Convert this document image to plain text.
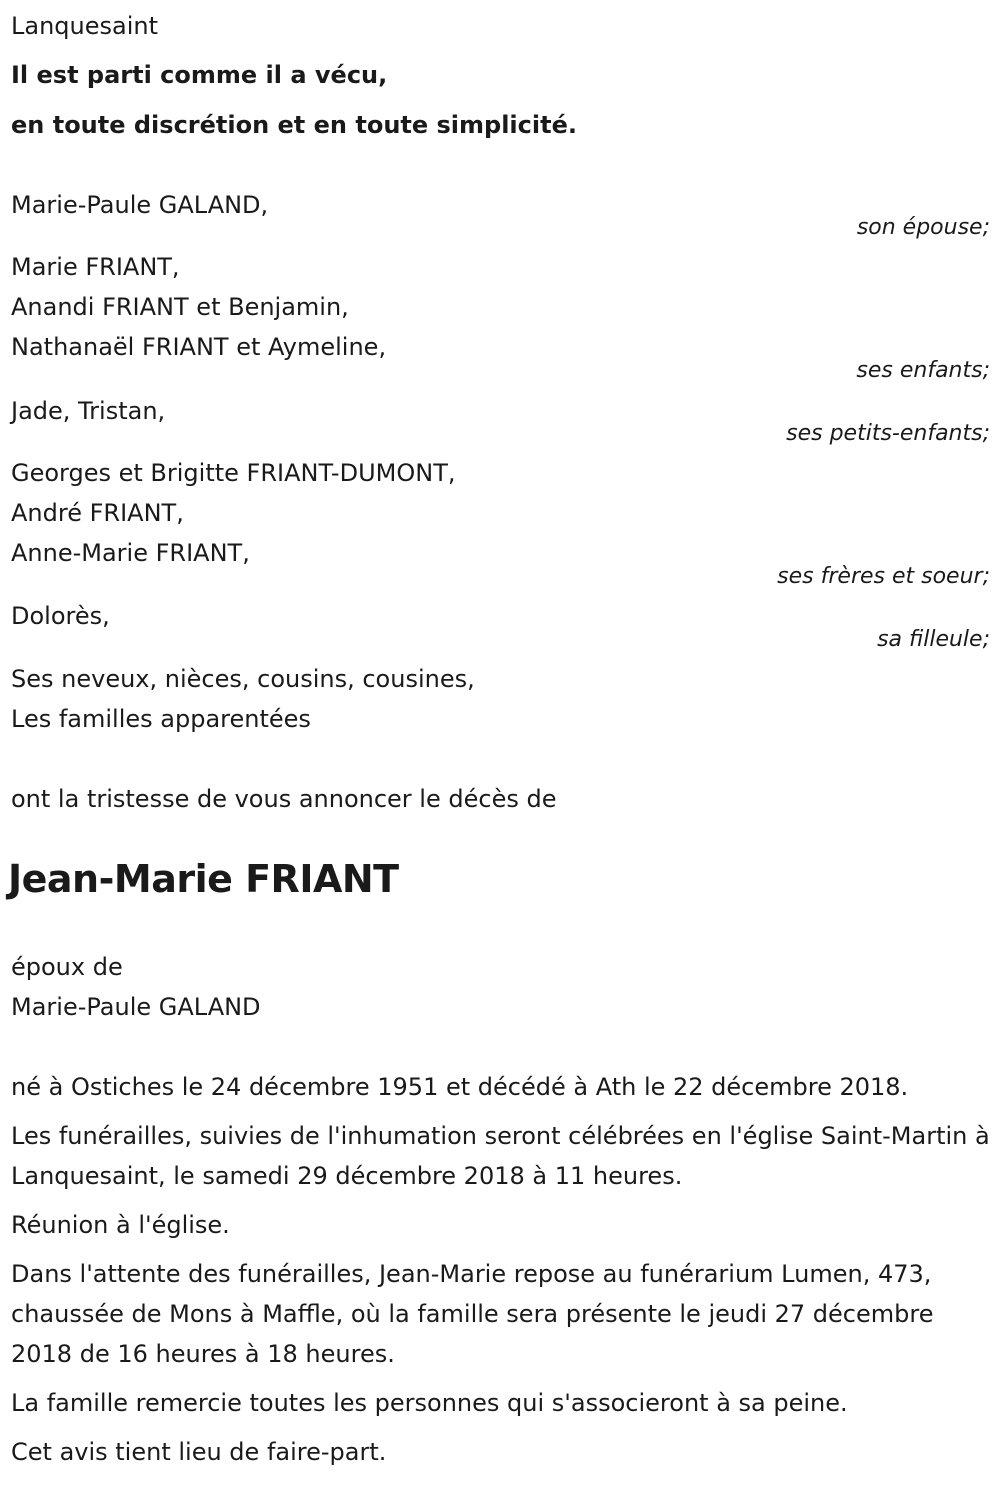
Lanquesaint
Il est parti comme il a vécu,
en toute discrétion et en toute simplicité.
Marie-Paule GALAND,
son épouse;
Marie FRIANT,
Anandi FRIANT et Benjamin,
Nathanaël FRIANT et Aymeline,
ses enfants;
Jade, Tristan,
ses petits-enfants;
Georges et Brigitte FRIANT-DUMONT,
André FRIANT,
Anne-Marie FRIANT,
ses frères et soeur;
Dolorès,
sa filleule;
Ses neveux, nièces, cousins, cousines,
Les familles apparentées
ont la tristesse de vous annoncer le décès de
Jean-Marie FRIANT
époux de
Marie-Paule GALAND

né à Ostiches le 24 décembre 1951 et décédé à Ath le 22 décembre 2018.

Les funérailles, suivies de l'inhumation seront célébrées en l'église Saint-Martin à Lanquesaint, le samedi 29 décembre 2018 à 11 heures.

Réunion à l'église.

Dans l'attente des funérailles, Jean-Marie repose au funérarium Lumen, 473, chaussée de Mons à Maffle, où la famille sera présente le jeudi 27 décembre 2018 de 16 heures à 18 heures.

La famille remercie toutes les personnes qui s'associeront à sa peine.

Cet avis tient lieu de faire-part.
